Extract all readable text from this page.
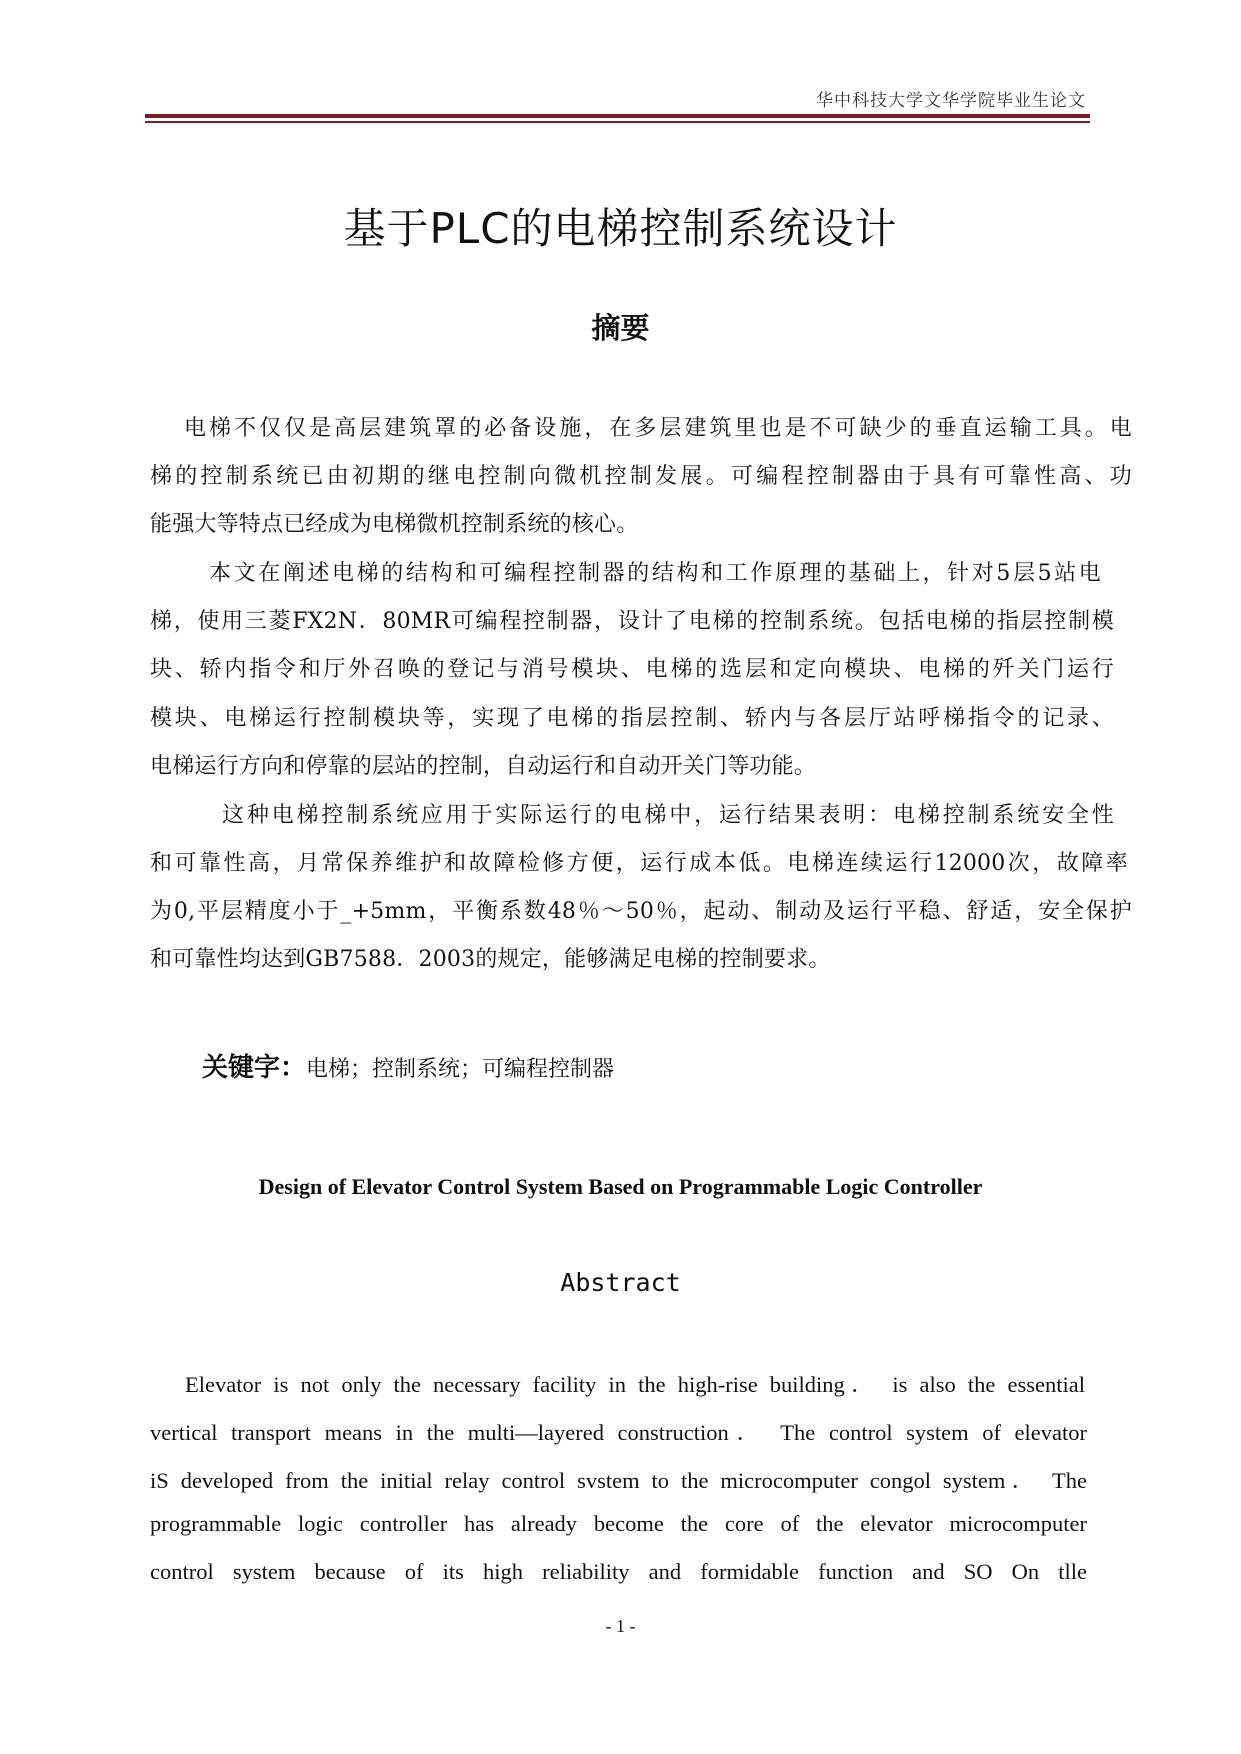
华中科技大学文华学院毕业生论文
基于PLC的电梯控制系统设计
摘要
电梯不仅仅是高层建筑罩的必备设施，在多层建筑里也是不可缺少的垂直运输工具。电
梯的控制系统已由初期的继电控制向微机控制发展。可编程控制器由于具有可靠性高、功
能强大等特点已经成为电梯微机控制系统的核心。
本文在阐述电梯的结构和可编程控制器的结构和工作原理的基础上，针对5层5站电
梯，使用三菱FX2N．80MR可编程控制器，设计了电梯的控制系统。包括电梯的指层控制模
块、轿内指令和厅外召唤的登记与消号模块、电梯的选层和定向模块、电梯的歼关门运行
模块、电梯运行控制模块等，实现了电梯的指层控制、轿内与各层厅站呼梯指令的记录、
电梯运行方向和停靠的层站的控制，自动运行和自动开关门等功能。
这种电梯控制系统应用于实际运行的电梯中，运行结果表明：电梯控制系统安全性
和可靠性高，月常保养维护和故障检修方便，运行成本低。电梯连续运行12000次，故障率
为0,平层精度小于_+5mm，平衡系数48％～50％，起动、制动及运行平稳、舒适，安全保护
和可靠性均达到GB7588．2003的规定，能够满足电梯的控制要求。
关键字：电梯；控制系统；可编程控制器
Design of Elevator Control System Based on Programmable Logic Controller
Abstract
Elevator is not only the necessary facility in the high-rise building． is also the essential
vertical transport means in the multi—layered construction． The control system of elevator
iS developed from the initial relay control svstem to the microcomputer congol system． The
programmable logic controller has already become the core of the elevator microcomputer
control system because of its high reliability and formidable function and SO On tlle
- 1 -
